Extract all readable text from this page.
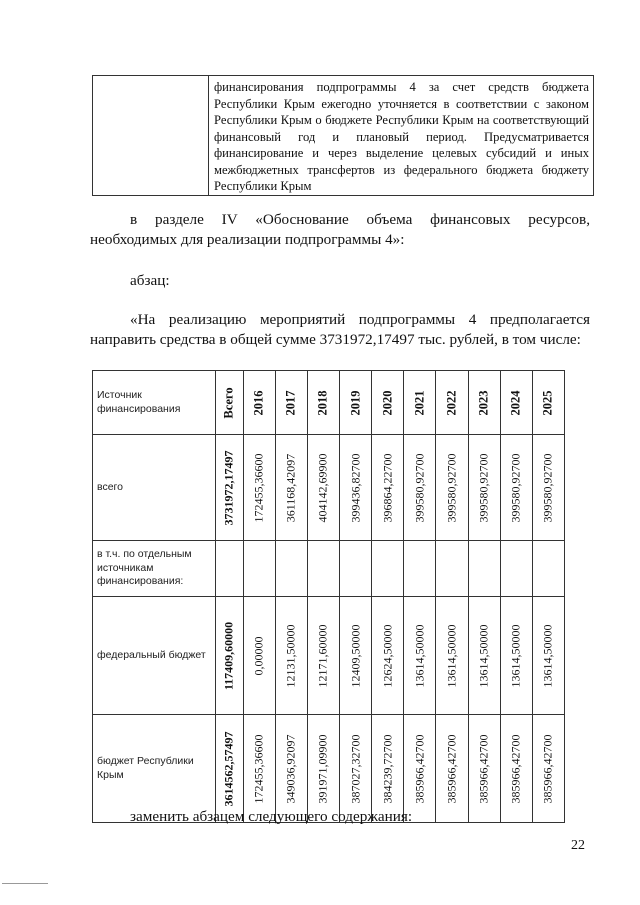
финансирования подпрограммы 4 за счет средств бюджета Республики Крым ежегодно уточняется в соответствии с законом Республики Крым о бюджете Республики Крым на соответствующий финансовый год и плановый период. Предусматривается финансирование и через выделение целевых субсидий и иных межбюджетных трансфертов из федерального бюджета бюджету Республики Крым
в разделе IV «Обоснование объема финансовых ресурсов, необходимых для реализации подпрограммы 4»:
абзац:
«На реализацию мероприятий подпрограммы 4 предполагается направить средства в общей сумме 3731972,17497 тыс. рублей, в том числе:
Источник финансирования	Всего	2016	2017	2018	2019	2020	2021	2022	2023	2024	2025

всего	3731972,17497	172455,36600	361168,42097	404142,69900	399436,82700	396864,22700	399580,92700	399580,92700	399580,92700	399580,92700	399580,92700

в т.ч. по отдельным источникам финансирования:											
федеральный бюджет	117409,60000	0,00000	12131,50000	12171,60000	12409,50000	12624,50000	13614,50000	13614,50000	13614,50000	13614,50000	13614,50000

бюджет Республики Крым	3614562,57497	172455,36600	349036,92097	391971,09900	387027,32700	384239,72700	385966,42700	385966,42700	385966,42700	385966,42700	385966,42700
заменить абзацем следующего содержания:
22
